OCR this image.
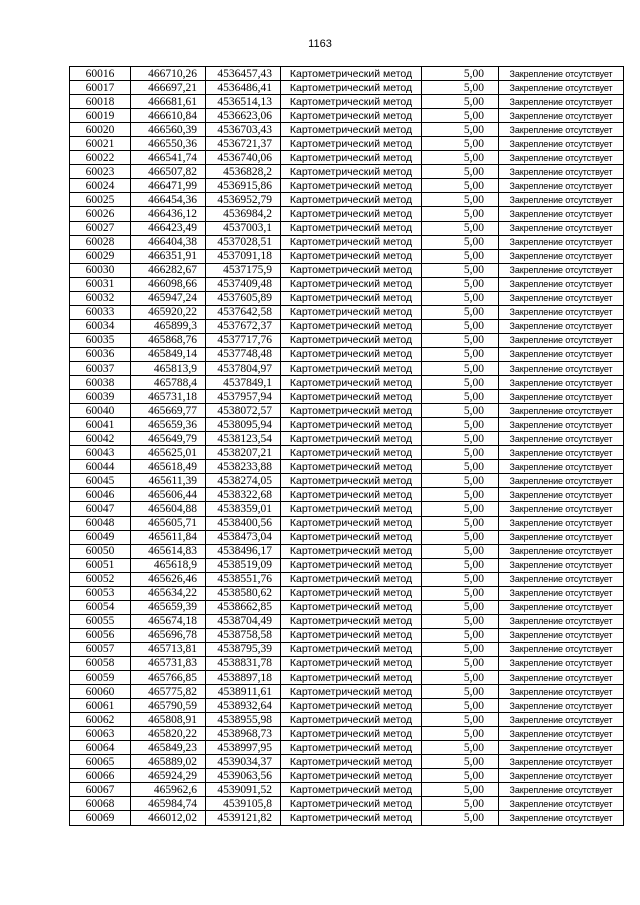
1163
60016	466710,26	4536457,43	Картометрический метод	5,00	Закрепление отсутствует
60017	466697,21	4536486,41	Картометрический метод	5,00	Закрепление отсутствует
60018	466681,61	4536514,13	Картометрический метод	5,00	Закрепление отсутствует
60019	466610,84	4536623,06	Картометрический метод	5,00	Закрепление отсутствует
60020	466560,39	4536703,43	Картометрический метод	5,00	Закрепление отсутствует
60021	466550,36	4536721,37	Картометрический метод	5,00	Закрепление отсутствует
60022	466541,74	4536740,06	Картометрический метод	5,00	Закрепление отсутствует
60023	466507,82	4536828,2	Картометрический метод	5,00	Закрепление отсутствует
60024	466471,99	4536915,86	Картометрический метод	5,00	Закрепление отсутствует
60025	466454,36	4536952,79	Картометрический метод	5,00	Закрепление отсутствует
60026	466436,12	4536984,2	Картометрический метод	5,00	Закрепление отсутствует
60027	466423,49	4537003,1	Картометрический метод	5,00	Закрепление отсутствует
60028	466404,38	4537028,51	Картометрический метод	5,00	Закрепление отсутствует
60029	466351,91	4537091,18	Картометрический метод	5,00	Закрепление отсутствует
60030	466282,67	4537175,9	Картометрический метод	5,00	Закрепление отсутствует
60031	466098,66	4537409,48	Картометрический метод	5,00	Закрепление отсутствует
60032	465947,24	4537605,89	Картометрический метод	5,00	Закрепление отсутствует
60033	465920,22	4537642,58	Картометрический метод	5,00	Закрепление отсутствует
60034	465899,3	4537672,37	Картометрический метод	5,00	Закрепление отсутствует
60035	465868,76	4537717,76	Картометрический метод	5,00	Закрепление отсутствует
60036	465849,14	4537748,48	Картометрический метод	5,00	Закрепление отсутствует
60037	465813,9	4537804,97	Картометрический метод	5,00	Закрепление отсутствует
60038	465788,4	4537849,1	Картометрический метод	5,00	Закрепление отсутствует
60039	465731,18	4537957,94	Картометрический метод	5,00	Закрепление отсутствует
60040	465669,77	4538072,57	Картометрический метод	5,00	Закрепление отсутствует
60041	465659,36	4538095,94	Картометрический метод	5,00	Закрепление отсутствует
60042	465649,79	4538123,54	Картометрический метод	5,00	Закрепление отсутствует
60043	465625,01	4538207,21	Картометрический метод	5,00	Закрепление отсутствует
60044	465618,49	4538233,88	Картометрический метод	5,00	Закрепление отсутствует
60045	465611,39	4538274,05	Картометрический метод	5,00	Закрепление отсутствует
60046	465606,44	4538322,68	Картометрический метод	5,00	Закрепление отсутствует
60047	465604,88	4538359,01	Картометрический метод	5,00	Закрепление отсутствует
60048	465605,71	4538400,56	Картометрический метод	5,00	Закрепление отсутствует
60049	465611,84	4538473,04	Картометрический метод	5,00	Закрепление отсутствует
60050	465614,83	4538496,17	Картометрический метод	5,00	Закрепление отсутствует
60051	465618,9	4538519,09	Картометрический метод	5,00	Закрепление отсутствует
60052	465626,46	4538551,76	Картометрический метод	5,00	Закрепление отсутствует
60053	465634,22	4538580,62	Картометрический метод	5,00	Закрепление отсутствует
60054	465659,39	4538662,85	Картометрический метод	5,00	Закрепление отсутствует
60055	465674,18	4538704,49	Картометрический метод	5,00	Закрепление отсутствует
60056	465696,78	4538758,58	Картометрический метод	5,00	Закрепление отсутствует
60057	465713,81	4538795,39	Картометрический метод	5,00	Закрепление отсутствует
60058	465731,83	4538831,78	Картометрический метод	5,00	Закрепление отсутствует
60059	465766,85	4538897,18	Картометрический метод	5,00	Закрепление отсутствует
60060	465775,82	4538911,61	Картометрический метод	5,00	Закрепление отсутствует
60061	465790,59	4538932,64	Картометрический метод	5,00	Закрепление отсутствует
60062	465808,91	4538955,98	Картометрический метод	5,00	Закрепление отсутствует
60063	465820,22	4538968,73	Картометрический метод	5,00	Закрепление отсутствует
60064	465849,23	4538997,95	Картометрический метод	5,00	Закрепление отсутствует
60065	465889,02	4539034,37	Картометрический метод	5,00	Закрепление отсутствует
60066	465924,29	4539063,56	Картометрический метод	5,00	Закрепление отсутствует
60067	465962,6	4539091,52	Картометрический метод	5,00	Закрепление отсутствует
60068	465984,74	4539105,8	Картометрический метод	5,00	Закрепление отсутствует
60069	466012,02	4539121,82	Картометрический метод	5,00	Закрепление отсутствует
